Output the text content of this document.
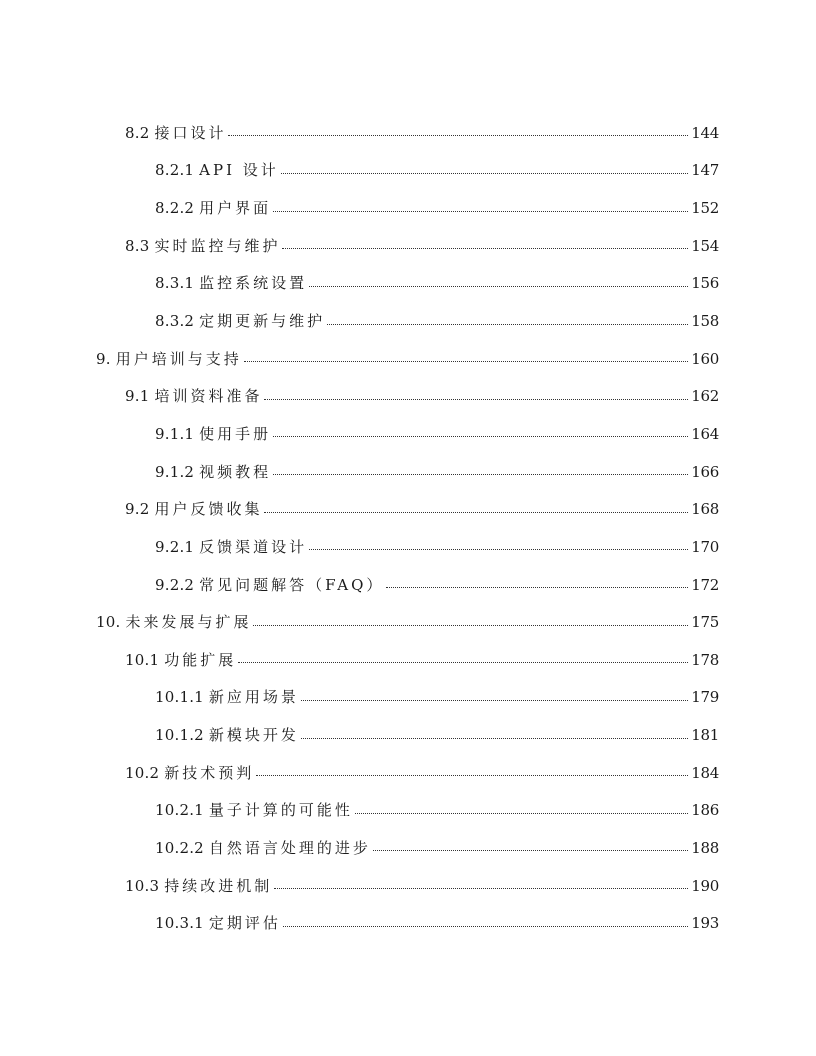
8.2 接口设计	144
8.2.1 API 设计	147
8.2.2 用户界面	152
8.3 实时监控与维护	154
8.3.1 监控系统设置	156
8.3.2 定期更新与维护	158
9. 用户培训与支持	160
9.1 培训资料准备	162
9.1.1 使用手册	164
9.1.2 视频教程	166
9.2 用户反馈收集	168
9.2.1 反馈渠道设计	170
9.2.2 常见问题解答（FAQ）	172
10. 未来发展与扩展	175
10.1 功能扩展	178
10.1.1 新应用场景	179
10.1.2 新模块开发	181
10.2 新技术预判	184
10.2.1 量子计算的可能性	186
10.2.2 自然语言处理的进步	188
10.3 持续改进机制	190
10.3.1 定期评估	193
